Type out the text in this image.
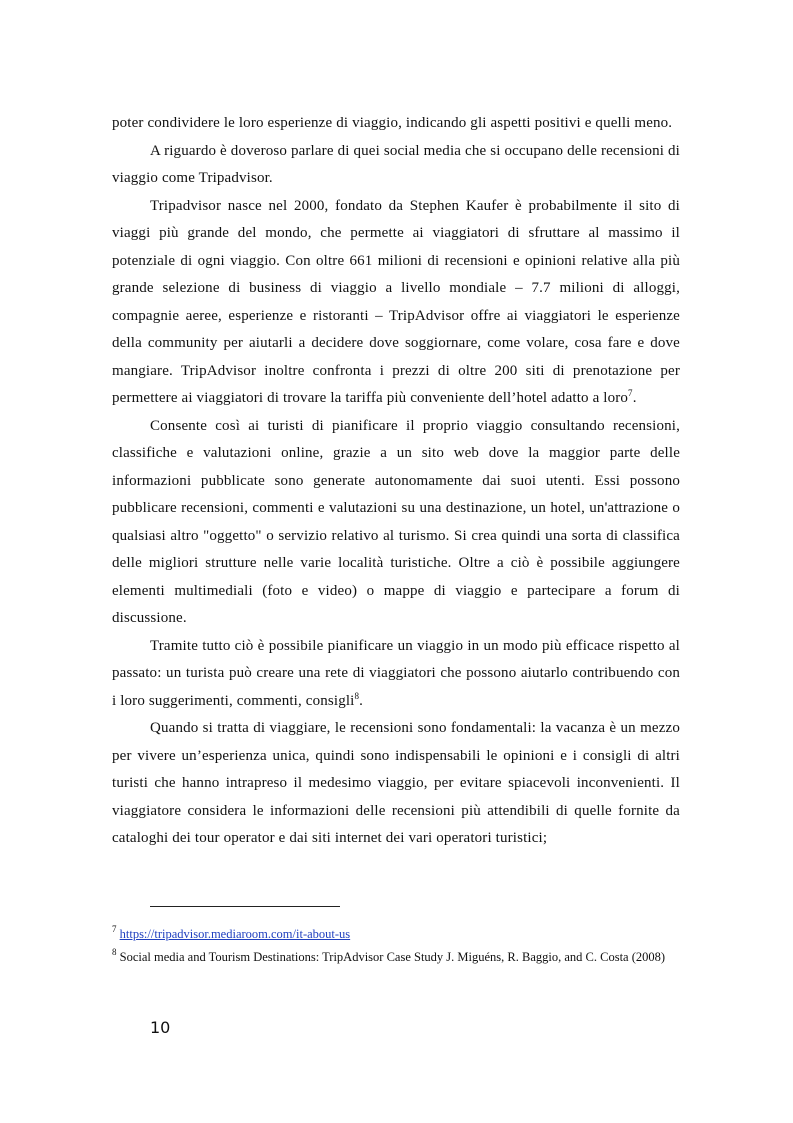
poter condividere le loro esperienze di viaggio, indicando gli aspetti positivi e quelli meno.

A riguardo è doveroso parlare di quei social media che si occupano delle recensioni di viaggio come Tripadvisor.

Tripadvisor nasce nel 2000, fondato da Stephen Kaufer è probabilmente il sito di viaggi più grande del mondo, che permette ai viaggiatori di sfruttare al massimo il potenziale di ogni viaggio. Con oltre 661 milioni di recensioni e opinioni relative alla più grande selezione di business di viaggio a livello mondiale – 7.7 milioni di alloggi, compagnie aeree, esperienze e ristoranti – TripAdvisor offre ai viaggiatori le esperienze della community per aiutarli a decidere dove soggiornare, come volare, cosa fare e dove mangiare. TripAdvisor inoltre confronta i prezzi di oltre 200 siti di prenotazione per permettere ai viaggiatori di trovare la tariffa più conveniente dell’hotel adatto a loro$^7$.

Consente così ai turisti di pianificare il proprio viaggio consultando recensioni, classifiche e valutazioni online, grazie a un sito web dove la maggior parte delle informazioni pubblicate sono generate autonomamente dai suoi utenti. Essi possono pubblicare recensioni, commenti e valutazioni su una destinazione, un hotel, un'attrazione o qualsiasi altro "oggetto" o servizio relativo al turismo. Si crea quindi una sorta di classifica delle migliori strutture nelle varie località turistiche. Oltre a ciò è possibile aggiungere elementi multimediali (foto e video) o mappe di viaggio e partecipare a forum di discussione.

Tramite tutto ciò è possibile pianificare un viaggio in un modo più efficace rispetto al passato: un turista può creare una rete di viaggiatori che possono aiutarlo contribuendo con i loro suggerimenti, commenti, consigli$^8$.

Quando si tratta di viaggiare, le recensioni sono fondamentali: la vacanza è un mezzo per vivere un’esperienza unica, quindi sono indispensabili le opinioni e i consigli di altri turisti che hanno intrapreso il medesimo viaggio, per evitare spiacevoli inconvenienti. Il viaggiatore considera le informazioni delle recensioni più attendibili di quelle fornite da cataloghi dei tour operator e dai siti internet dei vari operatori turistici;

$^7$ https://tripadvisor.mediaroom.com/it-about-us

$^8$ Social media and Tourism Destinations: TripAdvisor Case Study J. Miguéns, R. Baggio, and C. Costa (2008)

10
